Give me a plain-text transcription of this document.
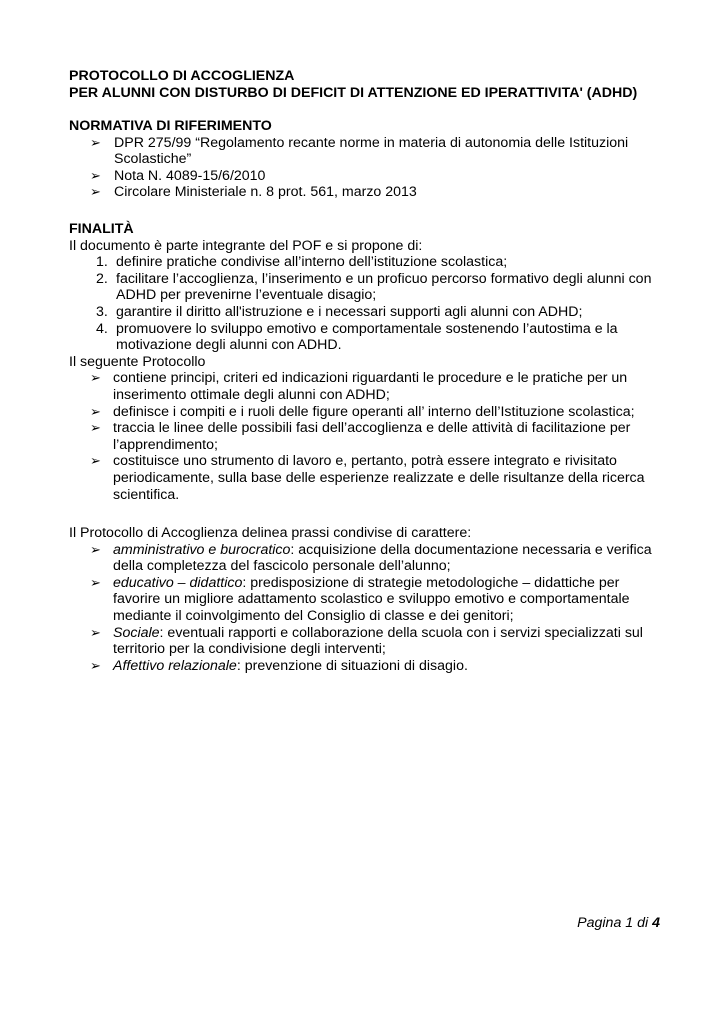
PROTOCOLLO DI ACCOGLIENZA
PER ALUNNI CON DISTURBO DI DEFICIT DI ATTENZIONE ED IPERATTIVITA' (ADHD)
NORMATIVA DI RIFERIMENTO
➢ DPR 275/99 “Regolamento recante norme in materia di autonomia delle Istituzioni Scolastiche”
➢ Nota N. 4089-15/6/2010
➢ Circolare Ministeriale n. 8 prot. 561, marzo 2013
FINALITÀ
Il documento è parte integrante del POF e si propone di:
1. definire pratiche condivise all’interno dell’istituzione scolastica;
2. facilitare l’accoglienza, l’inserimento e un proficuo percorso formativo degli alunni con ADHD per prevenirne l’eventuale disagio;
3. garantire il diritto all'istruzione e i necessari supporti agli alunni con ADHD;
4. promuovere lo sviluppo emotivo e comportamentale sostenendo l’autostima e la motivazione degli alunni con ADHD.
Il seguente Protocollo
➢ contiene principi, criteri ed indicazioni riguardanti le procedure e le pratiche per un inserimento ottimale degli alunni con ADHD;
➢ definisce i compiti e i ruoli delle figure operanti all’ interno dell’Istituzione scolastica;
➢ traccia le linee delle possibili fasi dell’accoglienza e delle attività di facilitazione per l’apprendimento;
➢ costituisce uno strumento di lavoro e, pertanto, potrà essere integrato e rivisitato periodicamente, sulla base delle esperienze realizzate e delle risultanze della ricerca scientifica.
Il Protocollo di Accoglienza delinea prassi condivise di carattere:
➢ amministrativo e burocratico: acquisizione della documentazione necessaria e verifica della completezza del fascicolo personale dell’alunno;
➢ educativo – didattico: predisposizione di strategie metodologiche – didattiche per favorire un migliore adattamento scolastico e sviluppo emotivo e comportamentale mediante il coinvolgimento del Consiglio di classe e dei genitori;
➢ Sociale: eventuali rapporti e collaborazione della scuola con i servizi specializzati sul territorio per la condivisione degli interventi;
➢ Affettivo relazionale: prevenzione di situazioni di disagio.
Pagina 1 di 4
